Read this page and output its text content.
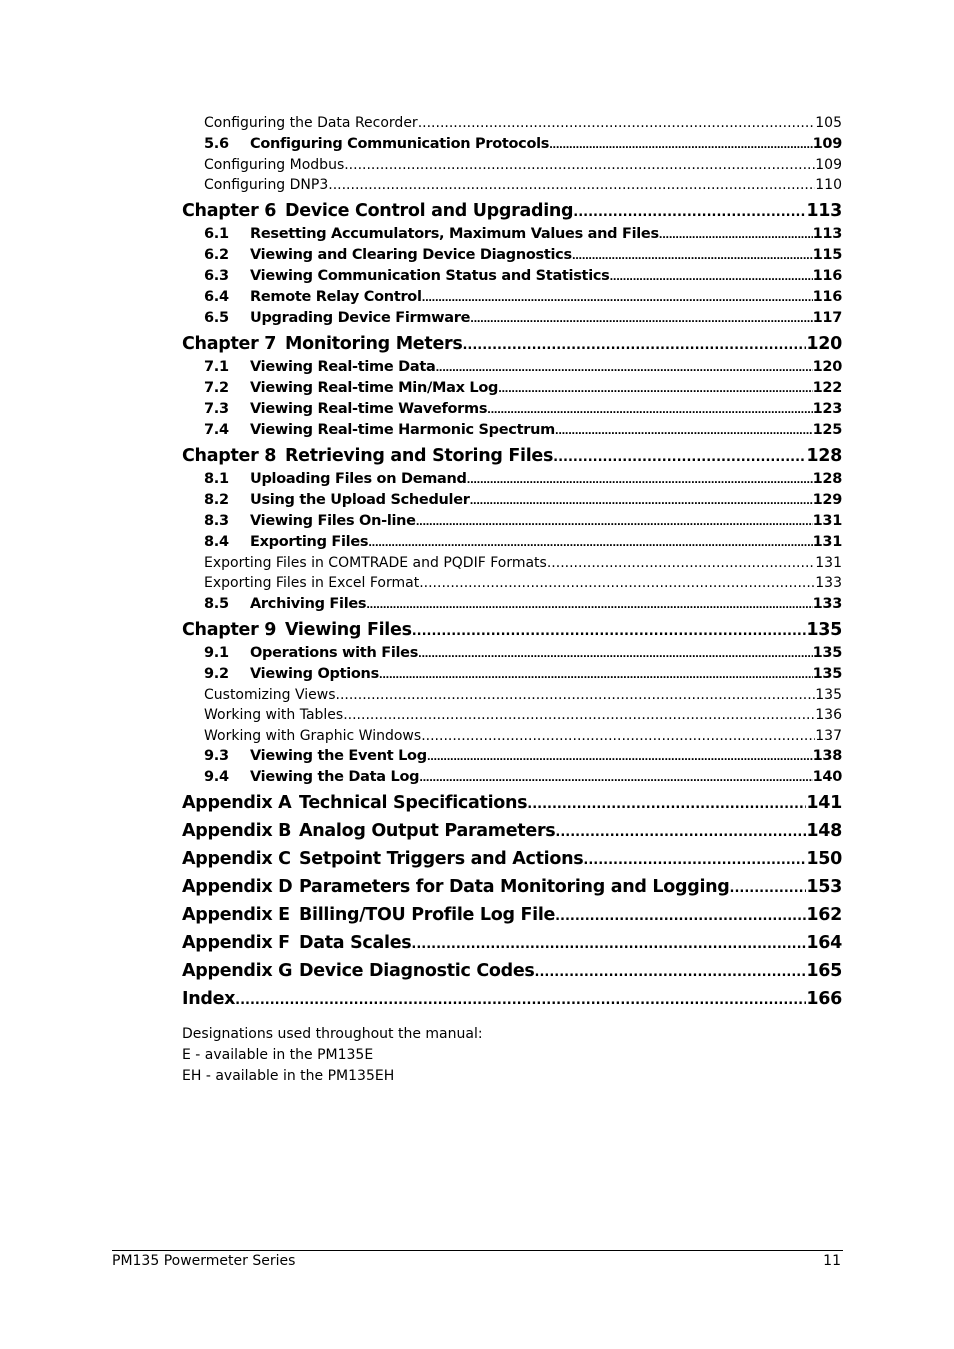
Configuring the Data Recorder .....	105
5.6	Configuring Communication Protocols .....	109
Configuring Modbus .....	109
Configuring DNP3 .....	110
Chapter 6 Device Control and Upgrading .....	113
6.1	Resetting Accumulators, Maximum Values and Files .....	113
6.2	Viewing and Clearing Device Diagnostics .....	115
6.3	Viewing Communication Status and Statistics .....	116
6.4	Remote Relay Control .....	116
6.5	Upgrading Device Firmware .....	117
Chapter 7 Monitoring Meters .....	120
7.1	Viewing Real-time Data .....	120
7.2	Viewing Real-time Min/Max Log .....	122
7.3	Viewing Real-time Waveforms .....	123
7.4	Viewing Real-time Harmonic Spectrum .....	125
Chapter 8 Retrieving and Storing Files .....	128
8.1	Uploading Files on Demand .....	128
8.2	Using the Upload Scheduler .....	129
8.3	Viewing Files On-line .....	131
8.4	Exporting Files .....	131
Exporting Files in COMTRADE and PQDIF Formats .....	131
Exporting Files in Excel Format .....	133
8.5	Archiving Files .....	133
Chapter 9 Viewing Files .....	135
9.1	Operations with Files .....	135
9.2	Viewing Options .....	135
Customizing Views .....	135
Working with Tables .....	136
Working with Graphic Windows .....	137
9.3	Viewing the Event Log .....	138
9.4	Viewing the Data Log .....	140
Appendix A Technical Specifications .....	141
Appendix B Analog Output Parameters .....	148
Appendix C Setpoint Triggers and Actions .....	150
Appendix D Parameters for Data Monitoring and Logging .....	153
Appendix E Billing/TOU Profile Log File .....	162
Appendix F Data Scales .....	164
Appendix G Device Diagnostic Codes .....	165
Index .....	166
Designations used throughout the manual:
E - available in the PM135E
EH - available in the PM135EH
PM135 Powermeter Series	11
